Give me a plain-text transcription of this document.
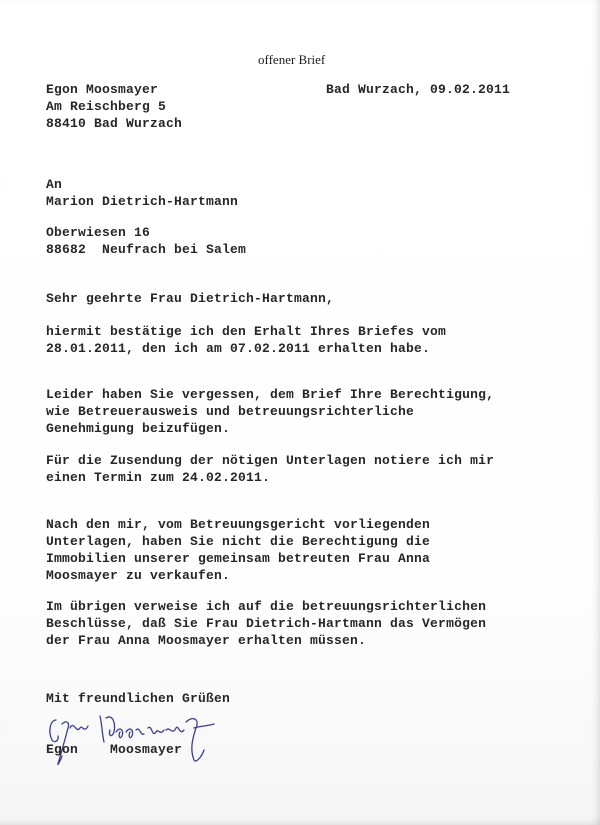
offener Brief
Egon Moosmayer
Am Reischberg 5
88410 Bad Wurzach
Bad Wurzach, 09.02.2011
An
Marion Dietrich-Hartmann
Oberwiesen 16
88682  Neufrach bei Salem
Sehr geehrte Frau Dietrich-Hartmann,
hiermit bestätige ich den Erhalt Ihres Briefes vom
28.01.2011, den ich am 07.02.2011 erhalten habe.
Leider haben Sie vergessen, dem Brief Ihre Berechtigung,
wie Betreuerausweis und betreuungsrichterliche
Genehmigung beizufügen.
Für die Zusendung der nötigen Unterlagen notiere ich mir
einen Termin zum 24.02.2011.
Nach den mir, vom Betreuungsgericht vorliegenden
Unterlagen, haben Sie nicht die Berechtigung die
Immobilien unserer gemeinsam betreuten Frau Anna
Moosmayer zu verkaufen.
Im übrigen verweise ich auf die betreuungsrichterlichen
Beschlüsse, daß Sie Frau Dietrich-Hartmann das Vermögen
der Frau Anna Moosmayer erhalten müssen.
Mit freundlichen Grüßen
Egon    Moosmayer
